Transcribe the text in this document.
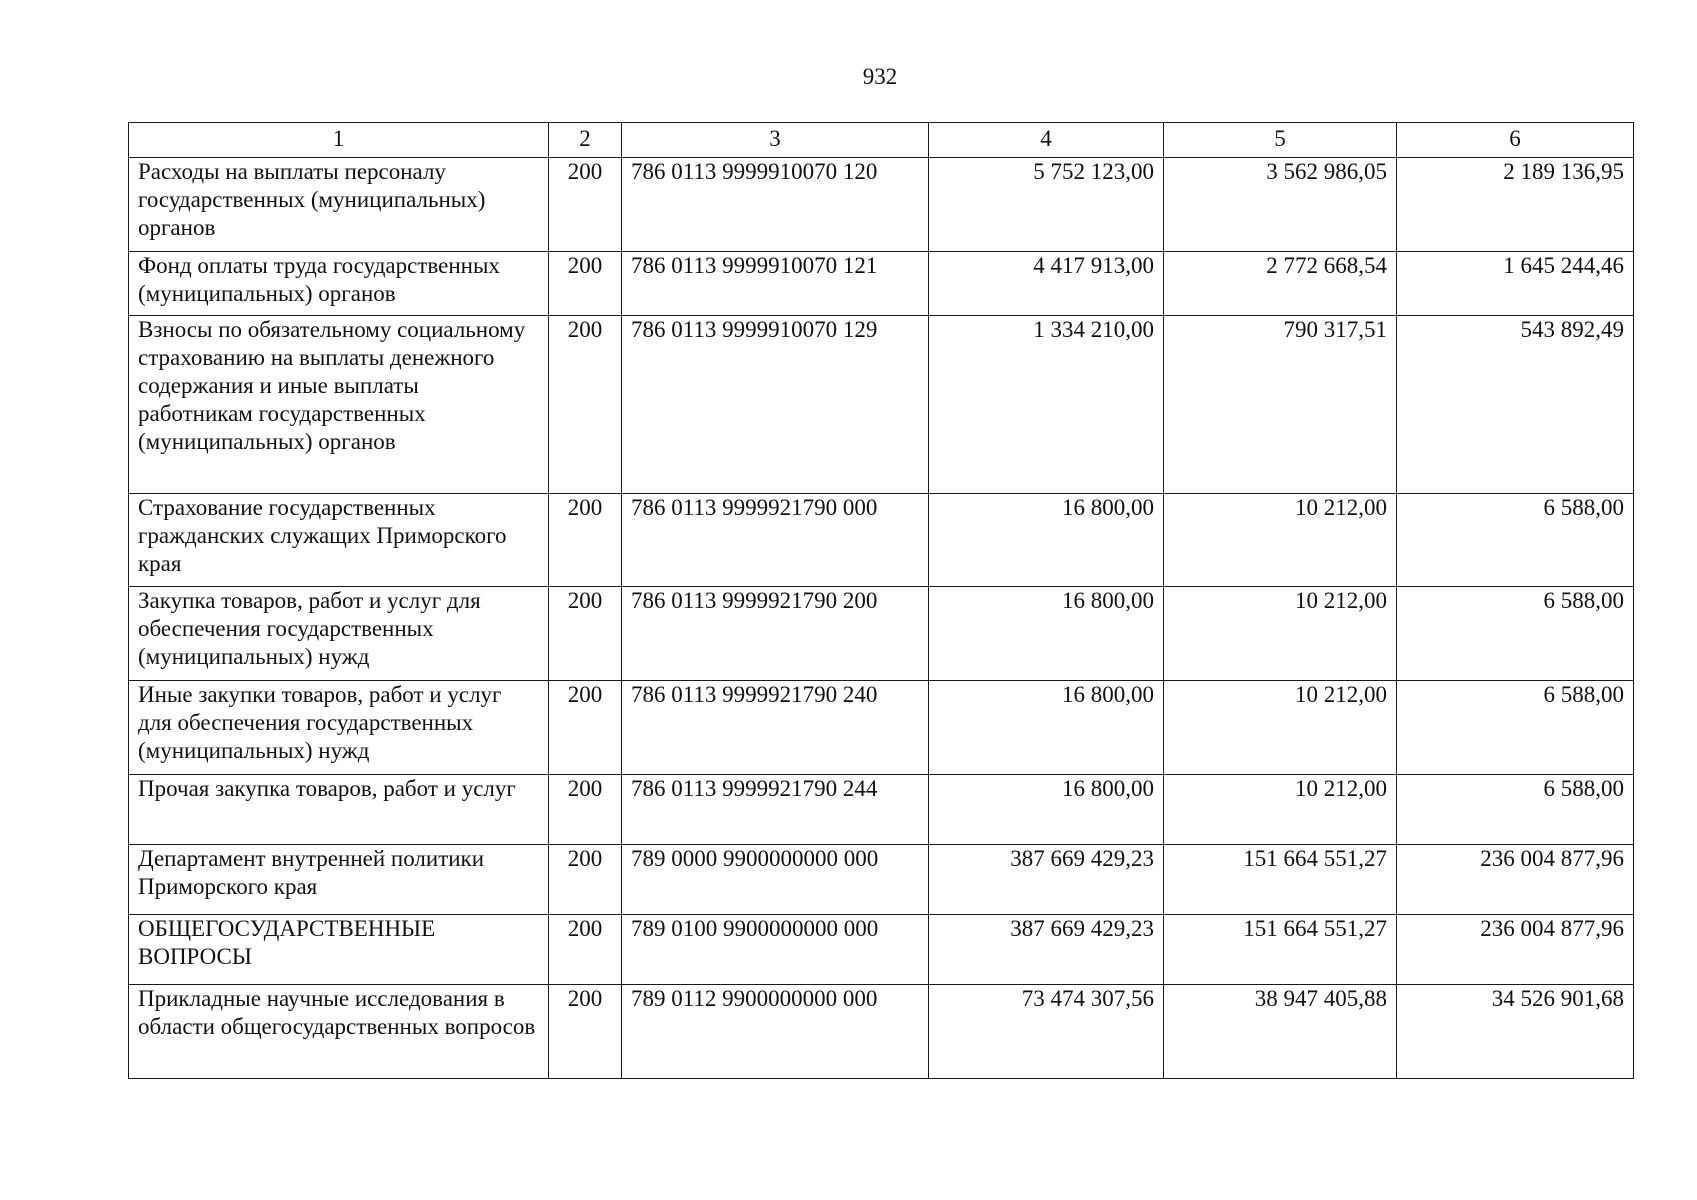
932
1	2	3	4	5	6
Расходы на выплаты персоналу государственных (муниципальных) органов	200	786 0113 9999910070 120	5 752 123,00	3 562 986,05	2 189 136,95
Фонд оплаты труда государственных (муниципальных) органов	200	786 0113 9999910070 121	4 417 913,00	2 772 668,54	1 645 244,46
Взносы по обязательному социальному страхованию на выплаты денежного содержания и иные выплаты работникам государственных (муниципальных) органов	200	786 0113 9999910070 129	1 334 210,00	790 317,51	543 892,49
Страхование государственных гражданских служащих Приморского края	200	786 0113 9999921790 000	16 800,00	10 212,00	6 588,00
Закупка товаров, работ и услуг для обеспечения государственных (муниципальных) нужд	200	786 0113 9999921790 200	16 800,00	10 212,00	6 588,00
Иные закупки товаров, работ и услуг для обеспечения государственных (муниципальных) нужд	200	786 0113 9999921790 240	16 800,00	10 212,00	6 588,00
Прочая закупка товаров, работ и услуг	200	786 0113 9999921790 244	16 800,00	10 212,00	6 588,00
Департамент внутренней политики Приморского края	200	789 0000 9900000000 000	387 669 429,23	151 664 551,27	236 004 877,96
ОБЩЕГОСУДАРСТВЕННЫЕ ВОПРОСЫ	200	789 0100 9900000000 000	387 669 429,23	151 664 551,27	236 004 877,96
Прикладные научные исследования в области общегосударственных вопросов	200	789 0112 9900000000 000	73 474 307,56	38 947 405,88	34 526 901,68
